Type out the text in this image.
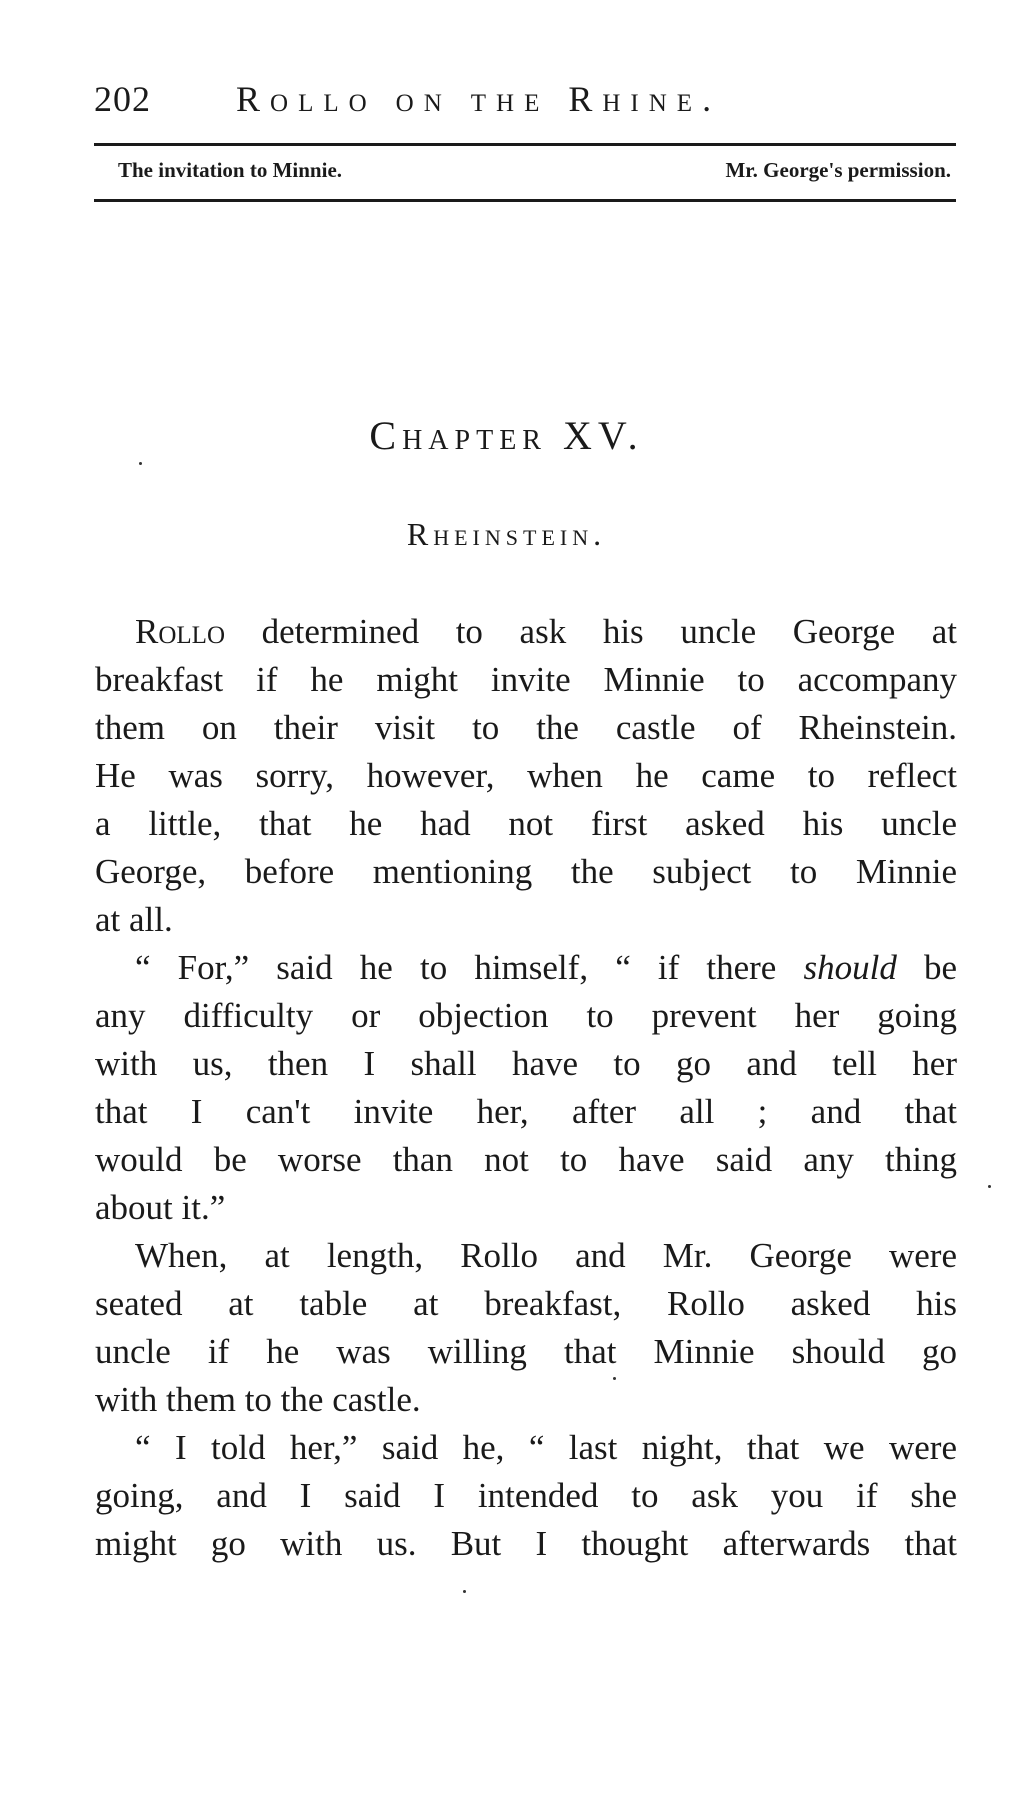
202 Rollo on the Rhine.
The invitation to Minnie.	Mr. George's permission.
Chapter XV.
Rheinstein.
Rollo determined to ask his uncle George at
breakfast if he might invite Minnie to accompany
them on their visit to the castle of Rheinstein.
He was sorry, however, when he came to reflect
a little, that he had not first asked his uncle
George, before mentioning the subject to Minnie
at all.
“ For,” said he to himself, “ if there should be
any difficulty or objection to prevent her going
with us, then I shall have to go and tell her
that I can't invite her, after all ; and that
would be worse than not to have said any thing
about it.”
When, at length, Rollo and Mr. George were
seated at table at breakfast, Rollo asked his
uncle if he was willing that Minnie should go
with them to the castle.
“ I told her,” said he, “ last night, that we were
going, and I said I intended to ask you if she
might go with us. But I thought afterwards that
